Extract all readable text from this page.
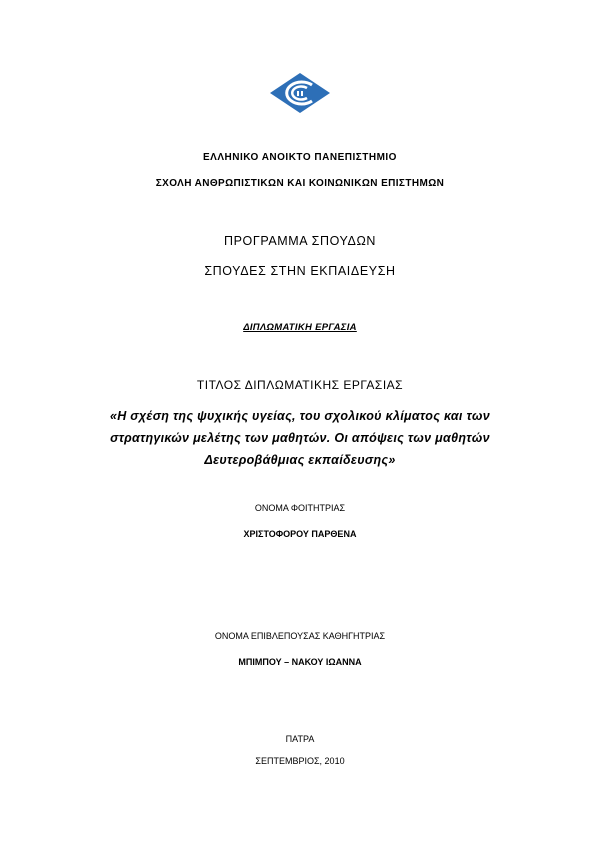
ΕΛΛΗΝΙΚΟ ΑΝΟΙΚΤΟ ΠΑΝΕΠΙΣΤΗΜΙΟ
ΣΧΟΛΗ ΑΝΘΡΩΠΙΣΤΙΚΩΝ ΚΑΙ ΚΟΙΝΩΝΙΚΩΝ ΕΠΙΣΤΗΜΩΝ
ΠΡΟΓΡΑΜΜΑ ΣΠΟΥΔΩΝ
ΣΠΟΥΔΕΣ ΣΤΗΝ ΕΚΠΑΙΔΕΥΣΗ
ΔΙΠΛΩΜΑΤΙΚΗ ΕΡΓΑΣΙΑ
ΤΙΤΛΟΣ ΔΙΠΛΩΜΑΤΙΚΗΣ ΕΡΓΑΣΙΑΣ
«Η σχέση της ψυχικής υγείας, του σχολικού κλίματος και των
στρατηγικών μελέτης των μαθητών. Οι απόψεις των μαθητών
Δευτεροβάθμιας εκπαίδευσης»
ΟΝΟΜΑ ΦΟΙΤΗΤΡΙΑΣ
ΧΡΙΣΤΟΦΟΡΟΥ ΠΑΡΘΕΝΑ
ΟΝΟΜΑ ΕΠΙΒΛΕΠΟΥΣΑΣ ΚΑΘΗΓΗΤΡΙΑΣ
ΜΠΙΜΠΟΥ – ΝΑΚΟΥ ΙΩΑΝΝΑ
ΠΑΤΡΑ
ΣΕΠΤΕΜΒΡΙΟΣ, 2010
